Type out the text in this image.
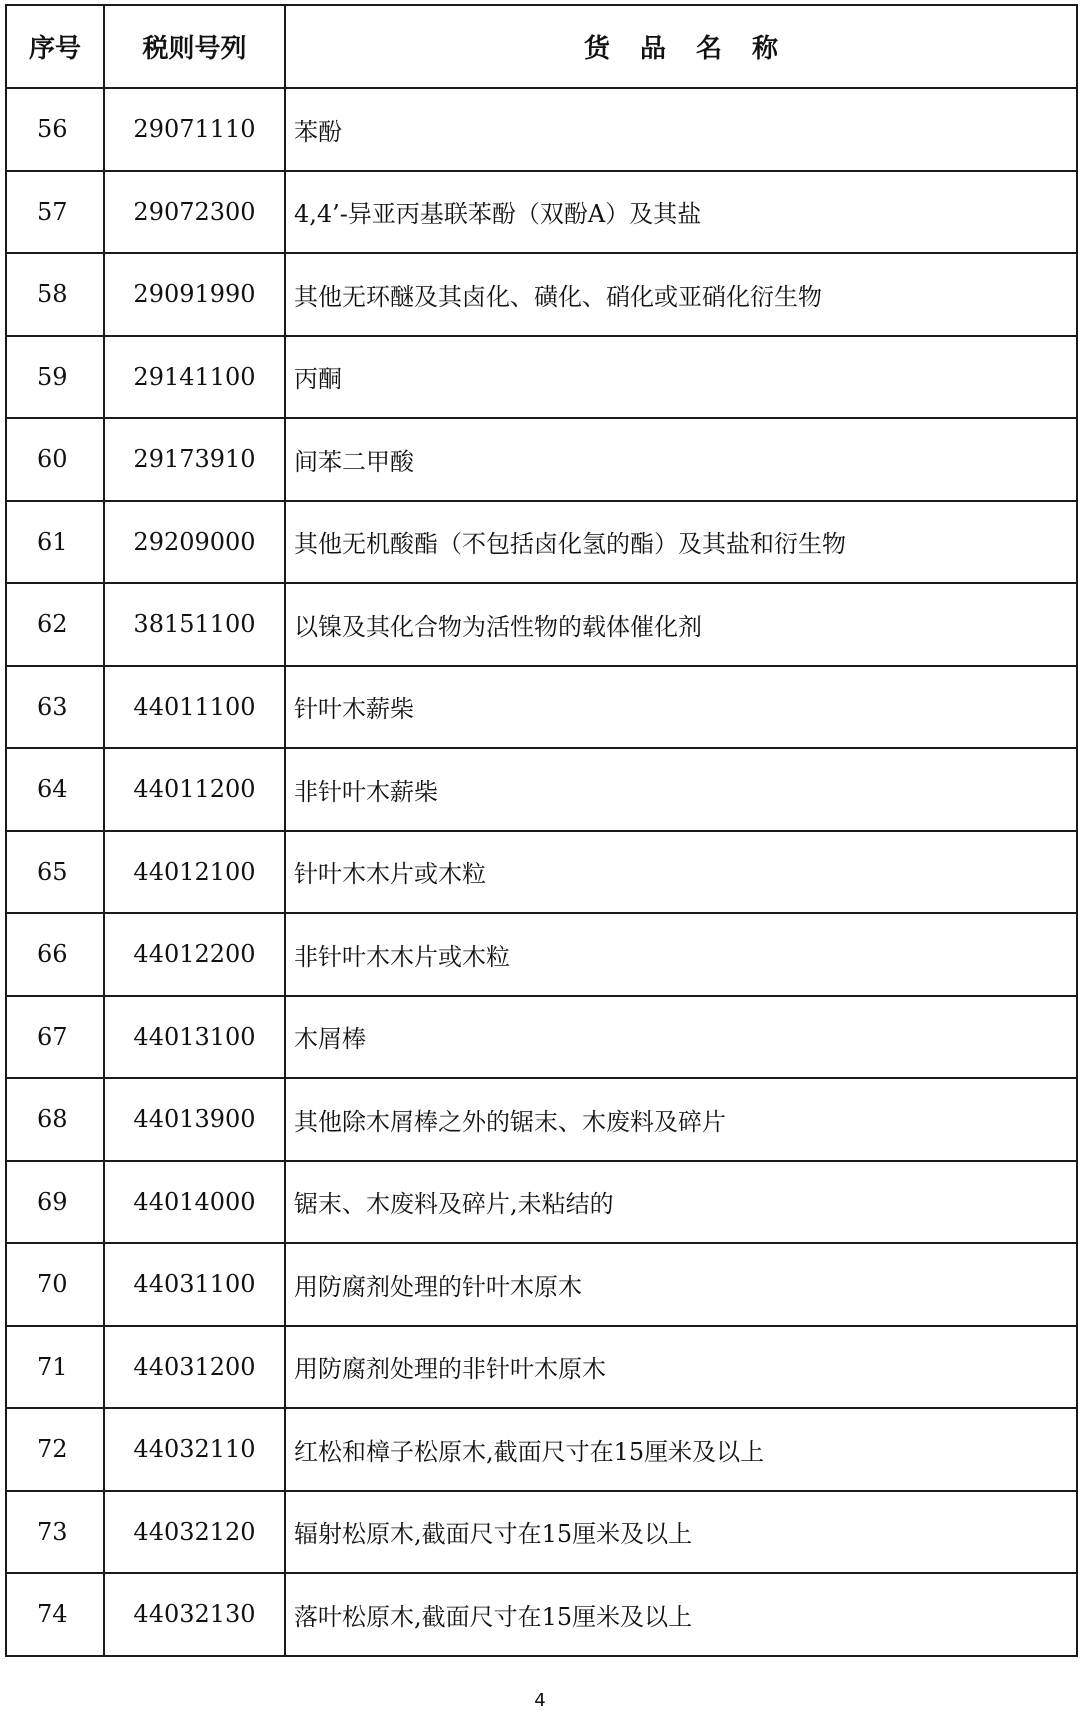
序号	税则号列	货品名称
56	29071110	苯酚
57	29072300	4,4’-异亚丙基联苯酚（双酚A）及其盐
58	29091990	其他无环醚及其卤化、磺化、硝化或亚硝化衍生物
59	29141100	丙酮
60	29173910	间苯二甲酸
61	29209000	其他无机酸酯（不包括卤化氢的酯）及其盐和衍生物
62	38151100	以镍及其化合物为活性物的载体催化剂
63	44011100	针叶木薪柴
64	44011200	非针叶木薪柴
65	44012100	针叶木木片或木粒
66	44012200	非针叶木木片或木粒
67	44013100	木屑棒
68	44013900	其他除木屑棒之外的锯末、木废料及碎片
69	44014000	锯末、木废料及碎片,未粘结的
70	44031100	用防腐剂处理的针叶木原木
71	44031200	用防腐剂处理的非针叶木原木
72	44032110	红松和樟子松原木,截面尺寸在15厘米及以上
73	44032120	辐射松原木,截面尺寸在15厘米及以上
74	44032130	落叶松原木,截面尺寸在15厘米及以上
4
